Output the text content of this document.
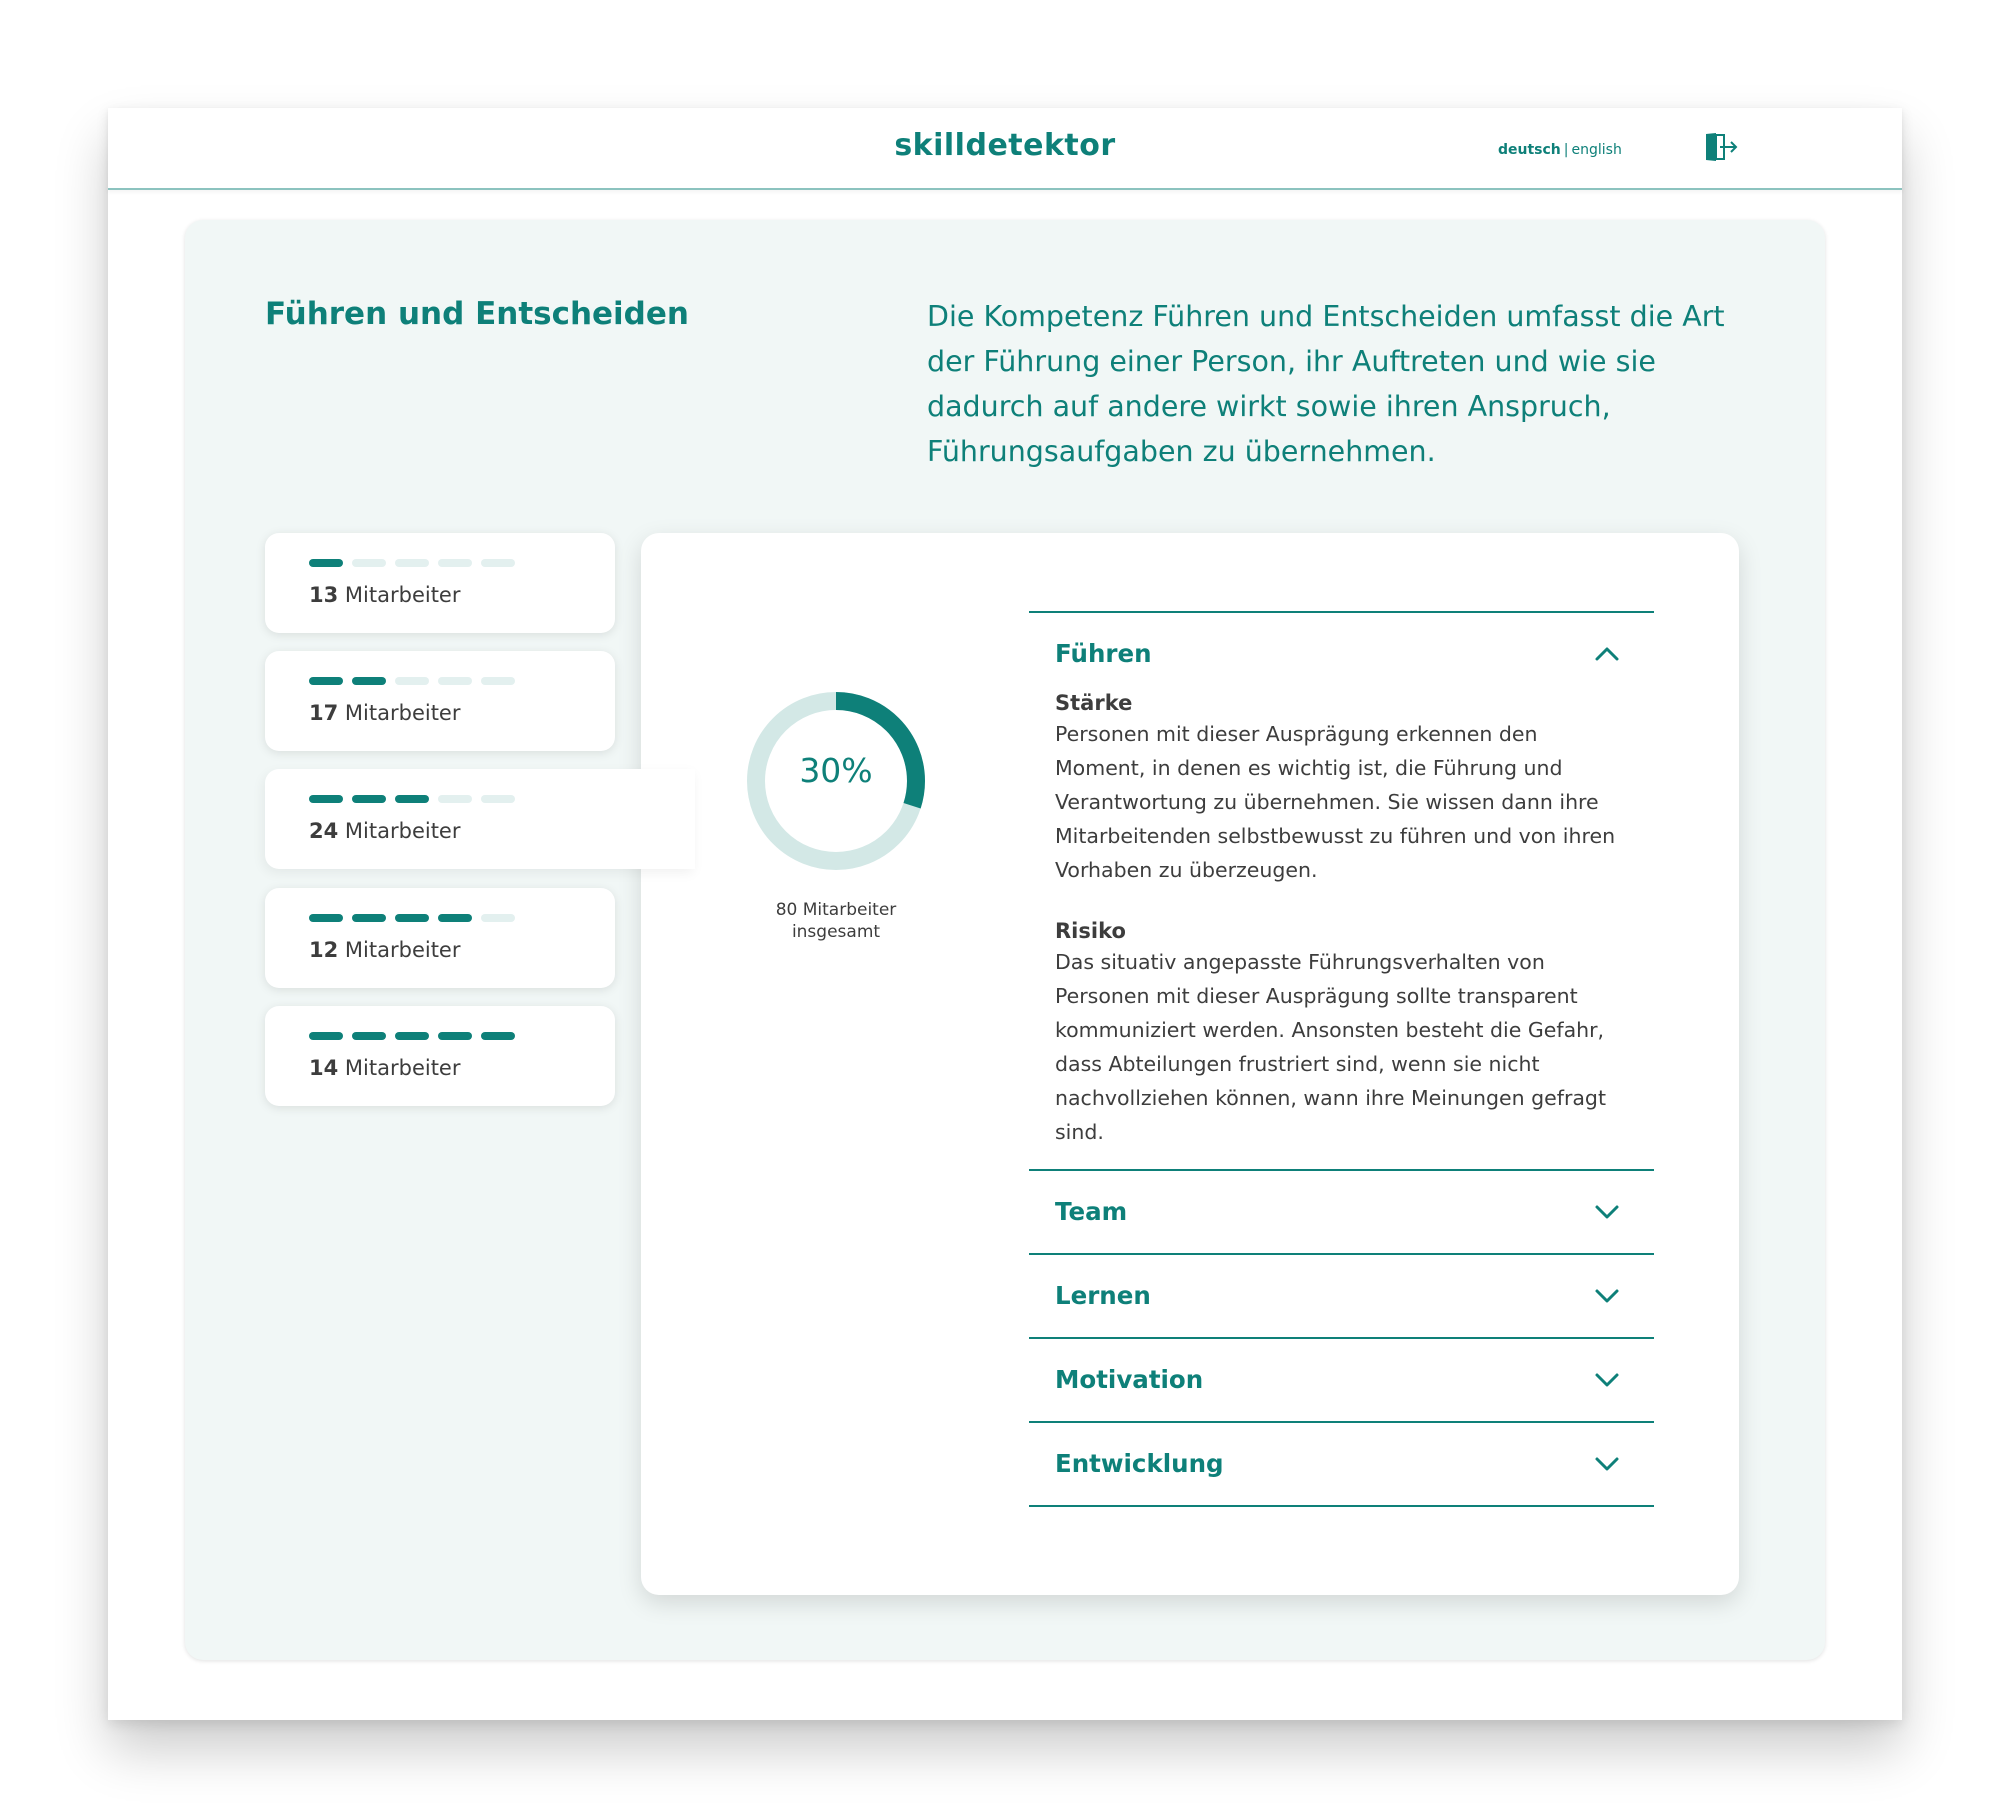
skilldetektor	deutsch | english
Führen und Entscheiden	Die Kompetenz Führen und Entscheiden umfasst die Art der Führung einer Person, ihr Auftreten und wie sie dadurch auf andere wirkt sowie ihren Anspruch, Führungsaufgaben zu übernehmen.

13 Mitarbeiter
17 Mitarbeiter
24 Mitarbeiter
12 Mitarbeiter
14 Mitarbeiter
30%
80 Mitarbeiter
insgesamt
Führen
Stärke

Personen mit dieser Ausprägung erkennen den Moment, in denen es wichtig ist, die Führung und Verantwortung zu übernehmen. Sie wissen dann ihre Mitarbeitenden selbstbewusst zu führen und von ihren Vorhaben zu überzeugen.

Risiko

Das situativ angepasste Führungsverhalten von Personen mit dieser Ausprägung sollte transparent kommuniziert werden. Ansonsten besteht die Gefahr, dass Abteilungen frustriert sind, wenn sie nicht nachvollziehen können, wann ihre Meinungen gefragt sind.

Team
Lernen
Motivation
Entwicklung
